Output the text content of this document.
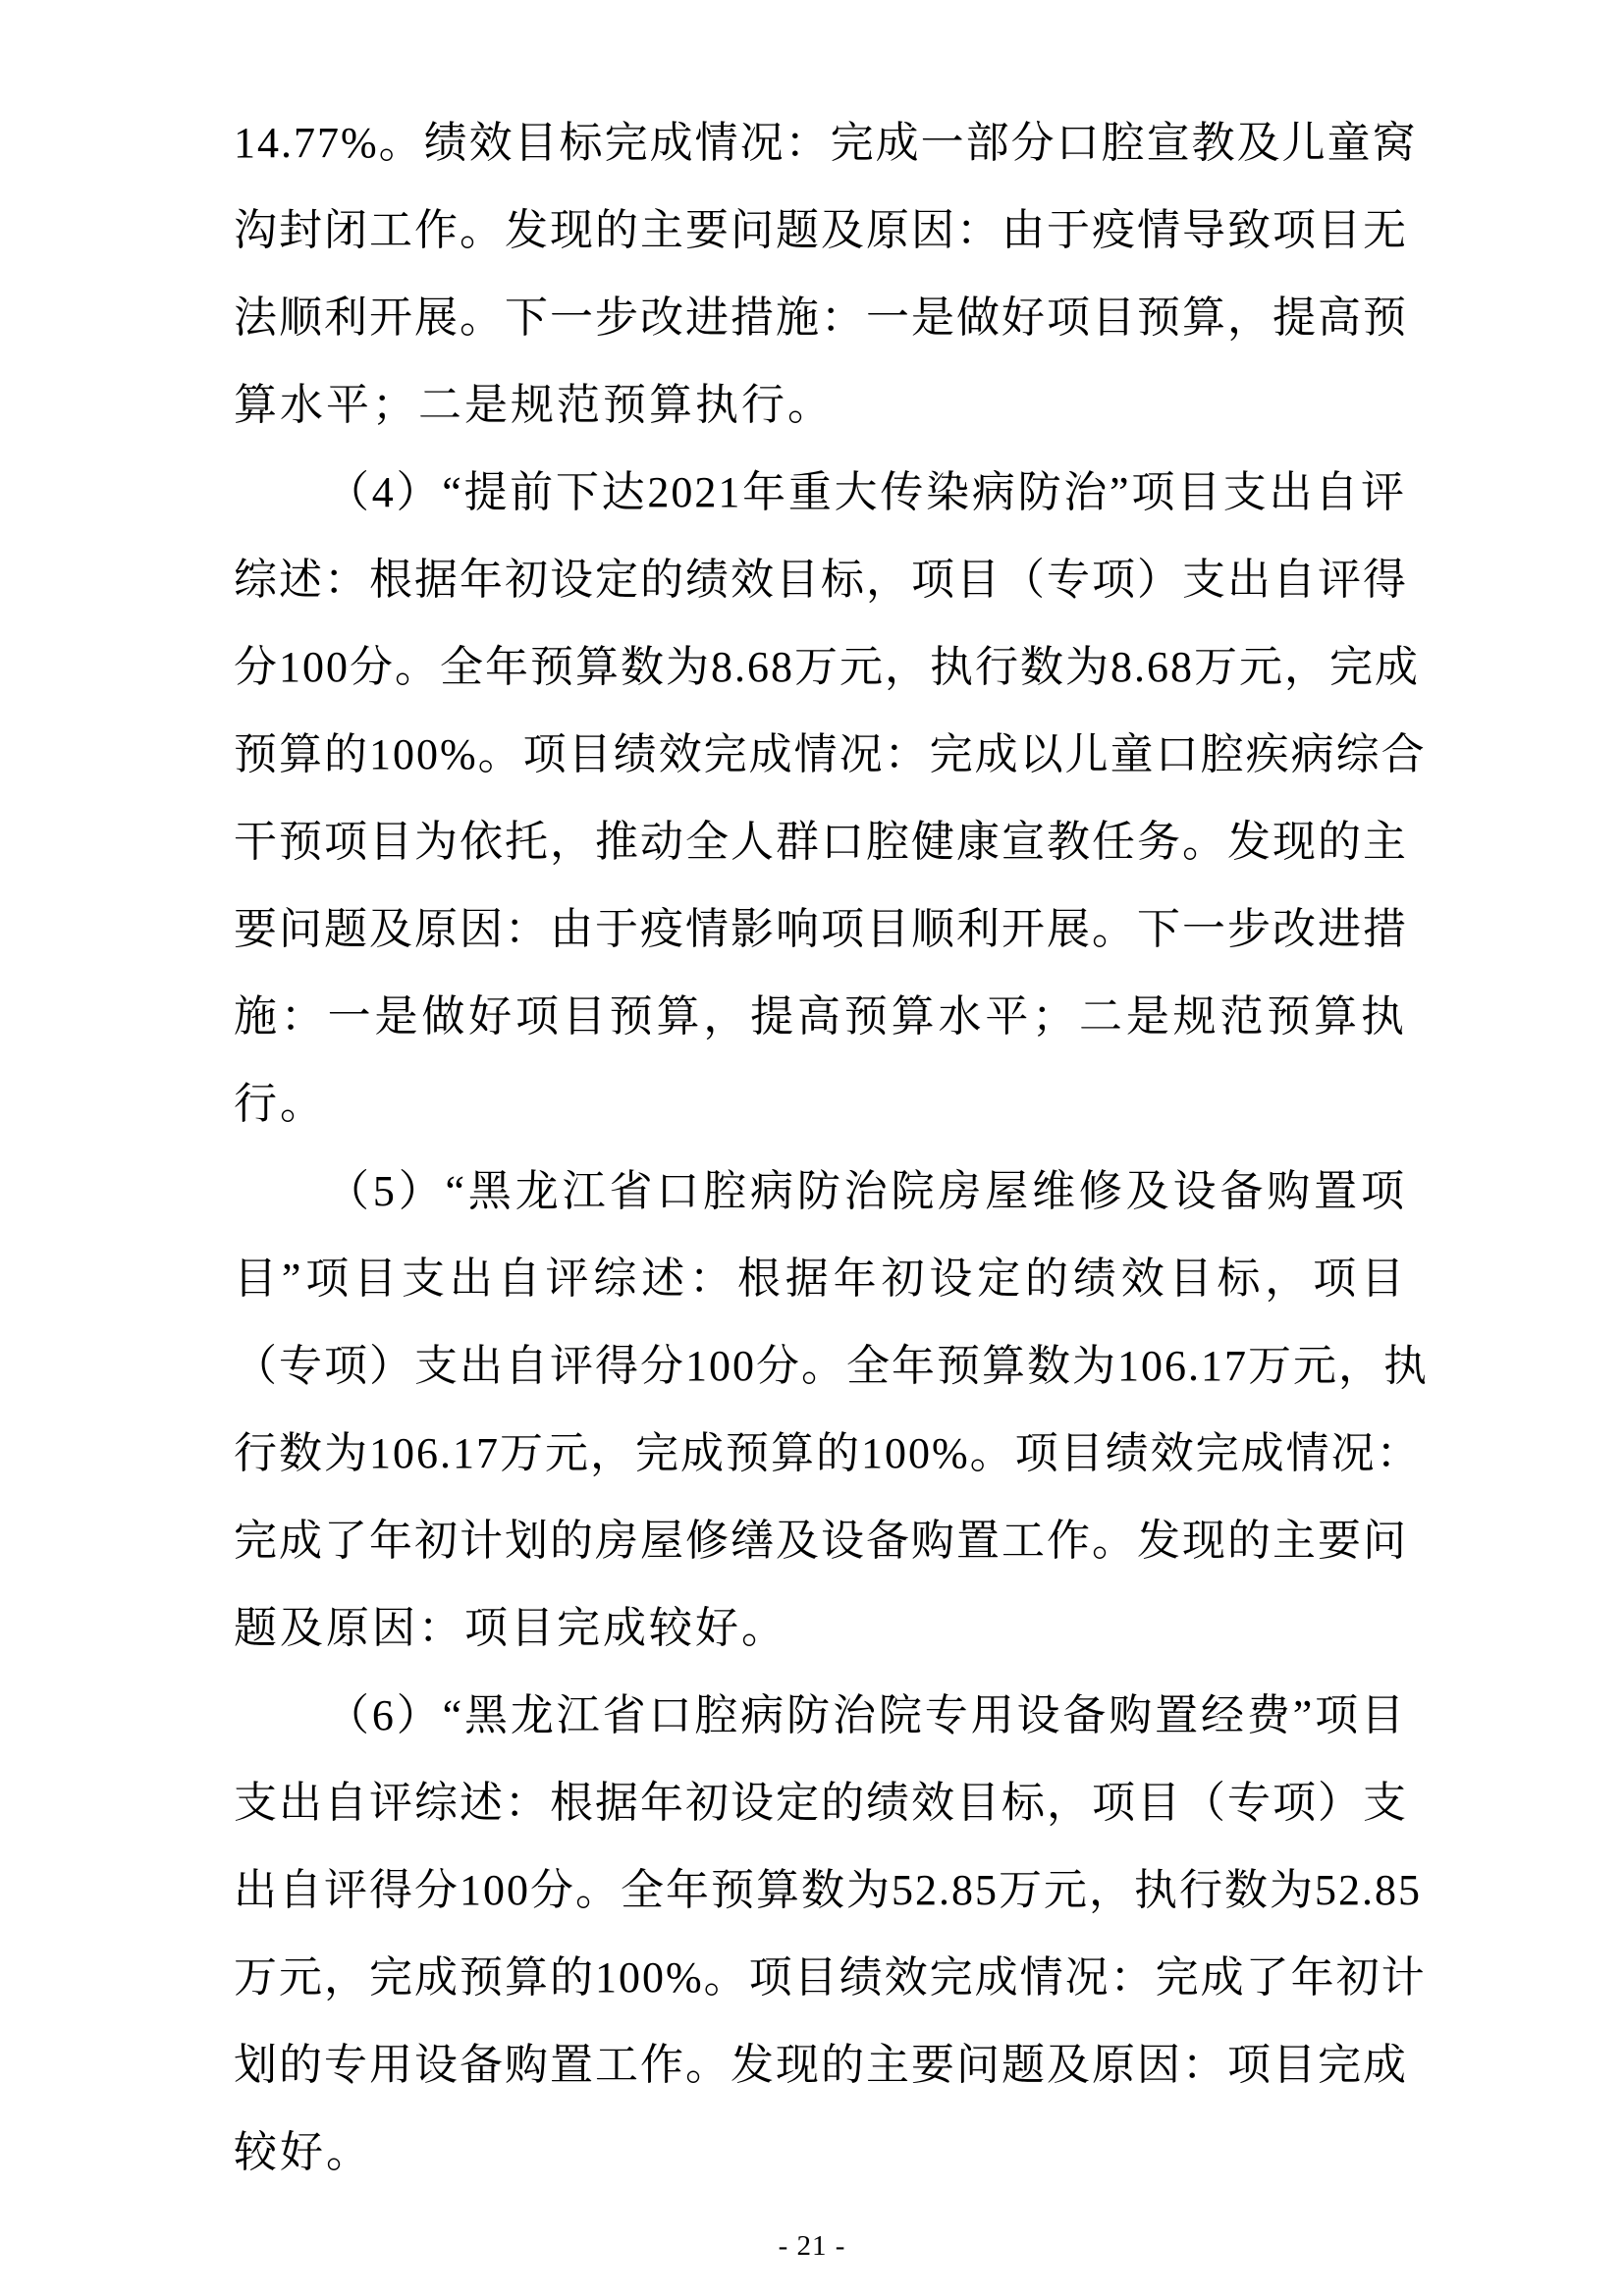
14.77%。绩效目标完成情况：完成一部分口腔宣教及儿童窝
沟封闭工作。发现的主要问题及原因：由于疫情导致项目无
法顺利开展。下一步改进措施：一是做好项目预算，提高预
算水平；二是规范预算执行。
（4）“提前下达2021年重大传染病防治”项目支出自评
综述：根据年初设定的绩效目标，项目（专项）支出自评得
分100分。全年预算数为8.68万元，执行数为8.68万元，完成
预算的100%。项目绩效完成情况：完成以儿童口腔疾病综合
干预项目为依托，推动全人群口腔健康宣教任务。发现的主
要问题及原因：由于疫情影响项目顺利开展。下一步改进措
施：一是做好项目预算，提高预算水平；二是规范预算执
行。
（5）“黑龙江省口腔病防治院房屋维修及设备购置项
目”项目支出自评综述：根据年初设定的绩效目标，项目
（专项）支出自评得分100分。全年预算数为106.17万元，执
行数为106.17万元，完成预算的100%。项目绩效完成情况：
完成了年初计划的房屋修缮及设备购置工作。发现的主要问
题及原因：项目完成较好。
（6）“黑龙江省口腔病防治院专用设备购置经费”项目
支出自评综述：根据年初设定的绩效目标，项目（专项）支
出自评得分100分。全年预算数为52.85万元，执行数为52.85
万元，完成预算的100%。项目绩效完成情况：完成了年初计
划的专用设备购置工作。发现的主要问题及原因：项目完成
较好。
- 21 -
